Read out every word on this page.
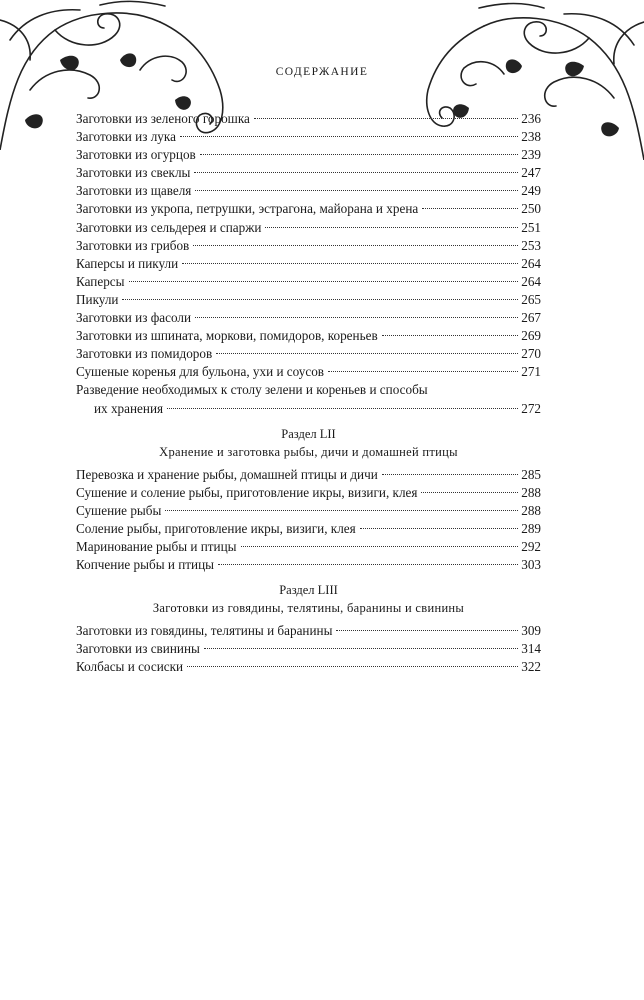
СОДЕРЖАНИЕ
Заготовки из зеленого горошка	236
Заготовки из лука	238
Заготовки из огурцов	239
Заготовки из свеклы	247
Заготовки из щавеля	249
Заготовки из укропа, петрушки, эстрагона, майорана и хрена	250
Заготовки из сельдерея и спаржи	251
Заготовки из грибов	253
Каперсы и пикули	264
Каперсы	264
Пикули	265
Заготовки из фасоли	267
Заготовки из шпината, моркови, помидоров, кореньев	269
Заготовки из помидоров	270
Сушеные коренья для бульона, ухи и соусов	271
Разведение необходимых к столу зелени и кореньев и способы
их хранения	272
Раздел LII
Хранение и заготовка рыбы, дичи и домашней птицы
Перевозка и хранение рыбы, домашней птицы и дичи	285
Сушение и соление рыбы, приготовление икры, визиги, клея	288
Сушение рыбы	288
Соление рыбы, приготовление икры, визиги, клея	289
Маринование рыбы и птицы	292
Копчение рыбы и птицы	303
Раздел LIII
Заготовки из говядины, телятины, баранины и свинины
Заготовки из говядины, телятины и баранины	309
Заготовки из свинины	314
Колбасы и сосиски	322
